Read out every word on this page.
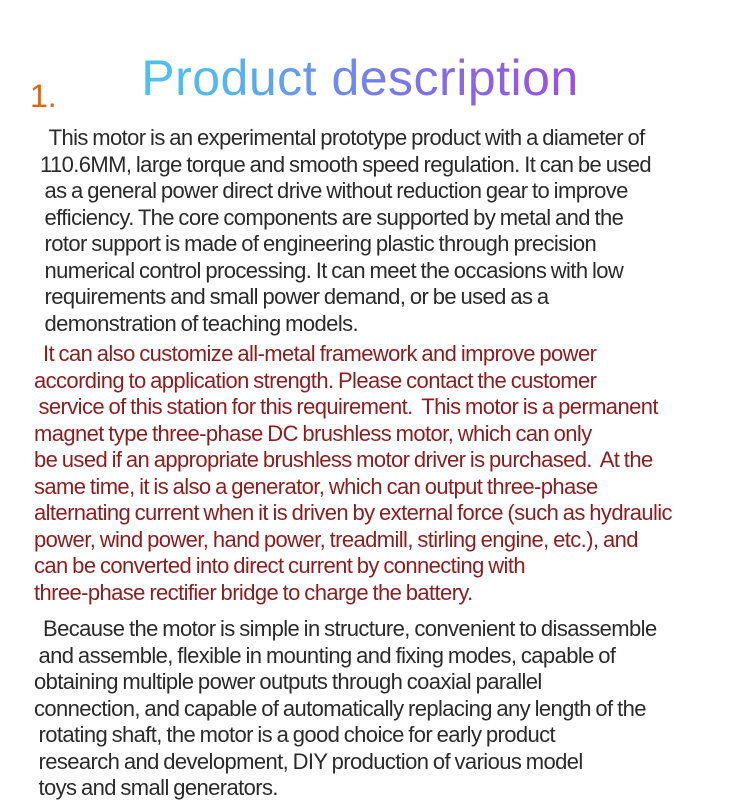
Product description
1.

This motor is an experimental prototype product with a diameter of
110.6MM, large torque and smooth speed regulation. It can be used
as a general power direct drive without reduction gear to improve
efficiency. The core components are supported by metal and the
rotor support is made of engineering plastic through precision
numerical control processing. It can meet the occasions with low
requirements and small power demand, or be used as a
demonstration of teaching models.

It can also customize all-metal framework and improve power
according to application strength. Please contact the customer
service of this station for this requirement.  This motor is a permanent
magnet type three-phase DC brushless motor, which can only
be used if an appropriate brushless motor driver is purchased.  At the
same time, it is also a generator, which can output three-phase
alternating current when it is driven by external force (such as hydraulic
power, wind power, hand power, treadmill, stirling engine, etc.), and
can be converted into direct current by connecting with
three-phase rectifier bridge to charge the battery.

Because the motor is simple in structure, convenient to disassemble
and assemble, flexible in mounting and fixing modes, capable of
obtaining multiple power outputs through coaxial parallel
connection, and capable of automatically replacing any length of the
rotating shaft, the motor is a good choice for early product
research and development, DIY production of various model
toys and small generators.
